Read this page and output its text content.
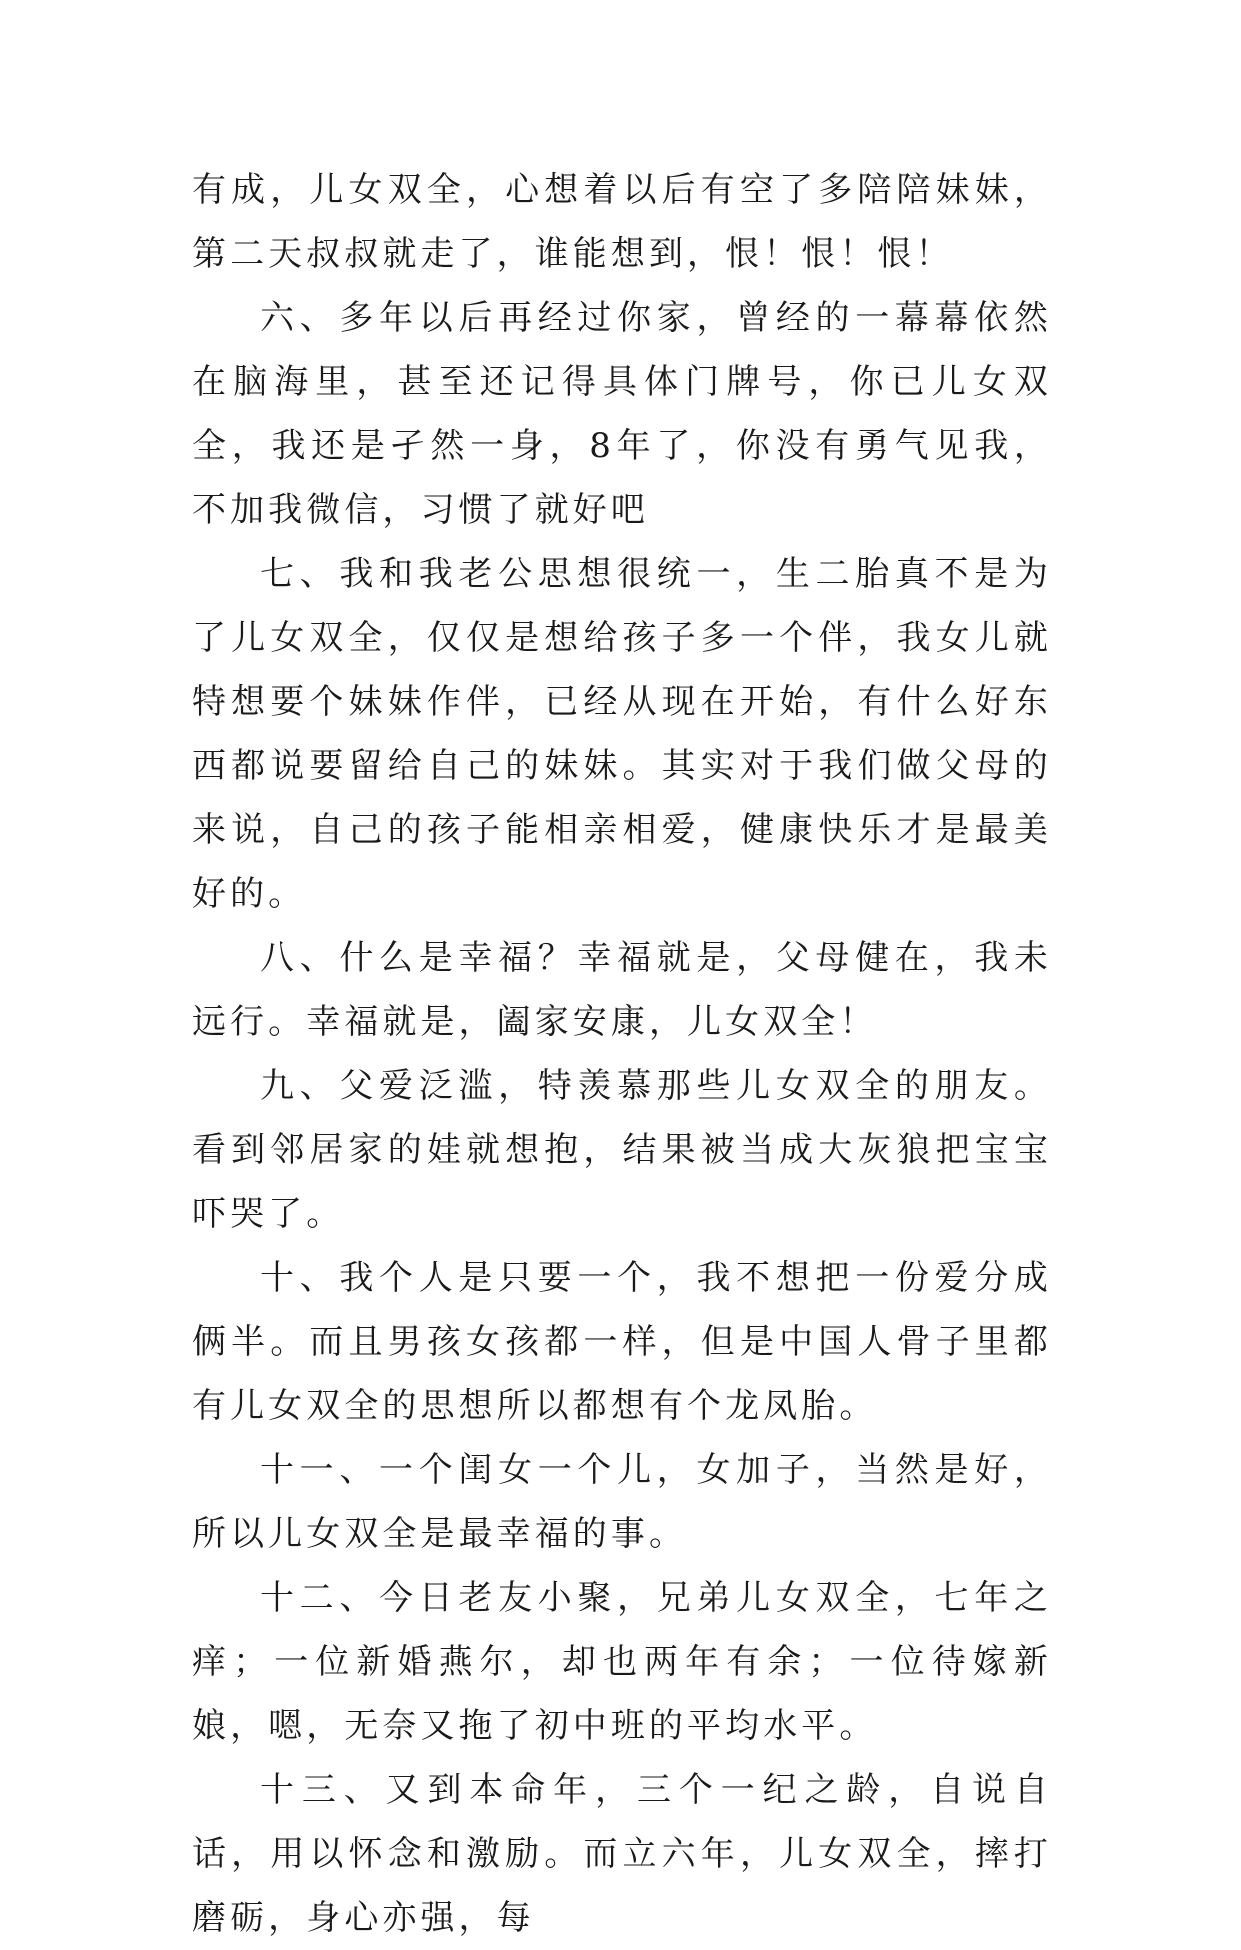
有成，儿女双全，心想着以后有空了多陪陪妹妹，第二天叔叔就走了，谁能想到，恨！恨！恨！

六、多年以后再经过你家，曾经的一幕幕依然在脑海里，甚至还记得具体门牌号，你已儿女双全，我还是孑然一身，8年了，你没有勇气见我，不加我微信，习惯了就好吧

七、我和我老公思想很统一，生二胎真不是为了儿女双全，仅仅是想给孩子多一个伴，我女儿就特想要个妹妹作伴，已经从现在开始，有什么好东西都说要留给自己的妹妹。其实对于我们做父母的来说，自己的孩子能相亲相爱，健康快乐才是最美好的。

八、什么是幸福？幸福就是，父母健在，我未远行。幸福就是，阖家安康，儿女双全！

九、父爱泛滥，特羡慕那些儿女双全的朋友。看到邻居家的娃就想抱，结果被当成大灰狼把宝宝吓哭了。

十、我个人是只要一个，我不想把一份爱分成俩半。而且男孩女孩都一样，但是中国人骨子里都有儿女双全的思想所以都想有个龙凤胎。

十一、一个闺女一个儿，女加子，当然是好，所以儿女双全是最幸福的事。

十二、今日老友小聚，兄弟儿女双全，七年之痒；一位新婚燕尔，却也两年有余；一位待嫁新娘，嗯，无奈又拖了初中班的平均水平。

十三、又到本命年，三个一纪之龄，自说自话，用以怀念和激励。而立六年，儿女双全，摔打磨砺，身心亦强，每
